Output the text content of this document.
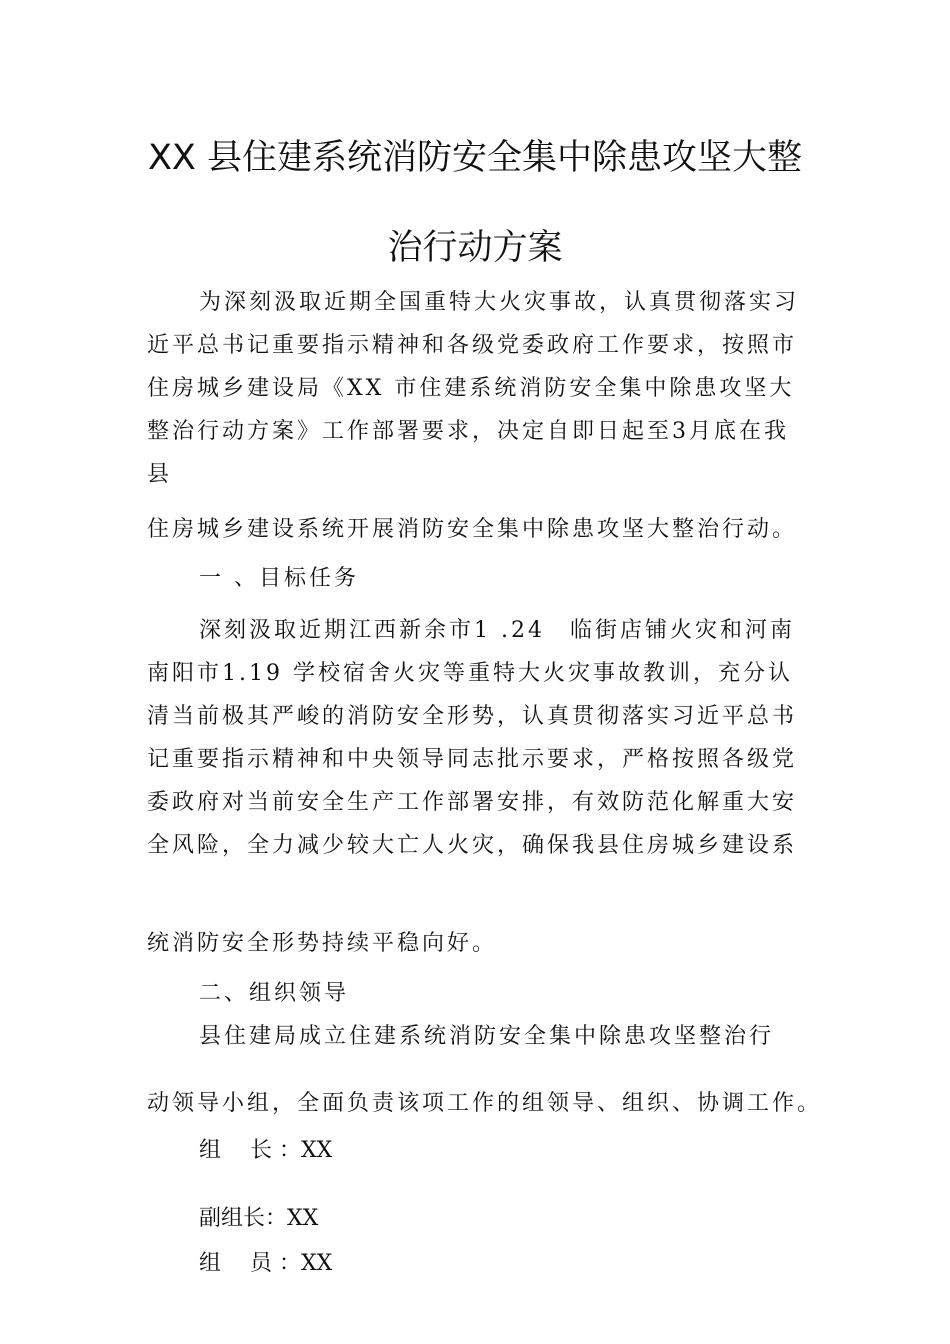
XX 县住建系统消防安全集中除患攻坚大整
治行动方案
为深刻汲取近期全国重特大火灾事故，认真贯彻落实习近平总书记重要指示精神和各级党委政府工作要求，按照市住房城乡建设局《XX 市住建系统消防安全集中除患攻坚大整治行动方案》工作部署要求，决定自即日起至3月底在我县
住房城乡建设系统开展消防安全集中除患攻坚大整治行动。
一 、目标任务
深刻汲取近期江西新余市1 .24　临街店铺火灾和河南 南阳市1.19 学校宿舍火灾等重特大火灾事故教训，充分认 清当前极其严峻的消防安全形势，认真贯彻落实习近平总书 记重要指示精神和中央领导同志批示要求，严格按照各级党 委政府对当前安全生产工作部署安排，有效防范化解重大安 全风险，全力减少较大亡人火灾，确保我县住房城乡建设系
统消防安全形势持续平稳向好。
二、组织领导
县住建局成立住建系统消防安全集中除患攻坚整治行
动领导小组，全面负责该项工作的组领导、组织、协调工作。
组　 长 ：XX
副组长：XX
组　 员 ：XX
